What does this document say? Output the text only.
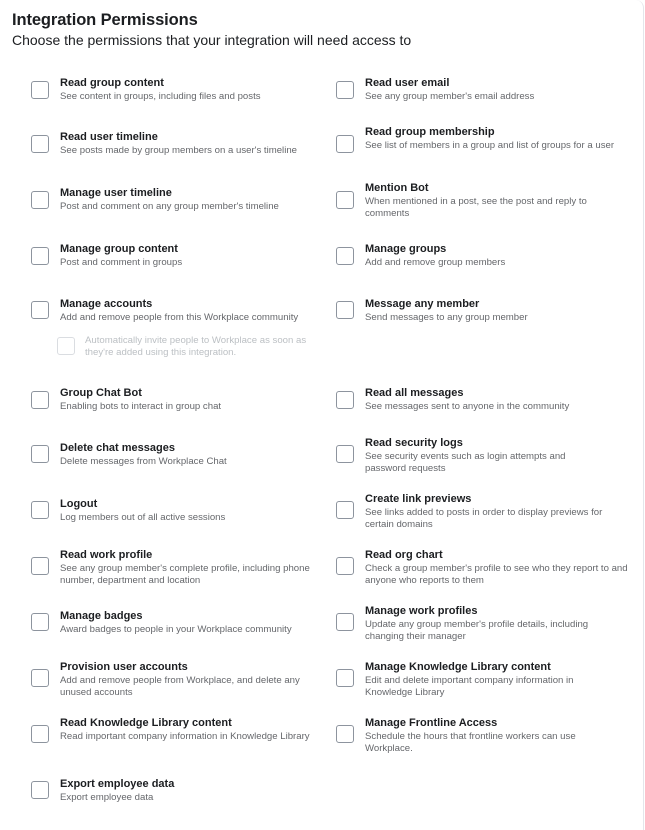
Integration Permissions
Choose the permissions that your integration will need access to
Read group content
See content in groups, including files and posts
Read user timeline
See posts made by group members on a user's timeline
Manage user timeline
Post and comment on any group member's timeline
Manage group content
Post and comment in groups
Manage accounts
Add and remove people from this Workplace community
Automatically invite people to Workplace as soon as they're added using this integration.
Group Chat Bot
Enabling bots to interact in group chat
Delete chat messages
Delete messages from Workplace Chat
Logout
Log members out of all active sessions
Read work profile
See any group member's complete profile, including phone number, department and location
Manage badges
Award badges to people in your Workplace community
Provision user accounts
Add and remove people from Workplace, and delete any unused accounts
Read Knowledge Library content
Read important company information in Knowledge Library
Export employee data
Export employee data
Read user email
See any group member's email address
Read group membership
See list of members in a group and list of groups for a user
Mention Bot
When mentioned in a post, see the post and reply to comments
Manage groups
Add and remove group members
Message any member
Send messages to any group member
Read all messages
See messages sent to anyone in the community
Read security logs
See security events such as login attempts and password requests
Create link previews
See links added to posts in order to display previews for certain domains
Read org chart
Check a group member's profile to see who they report to and anyone who reports to them
Manage work profiles
Update any group member's profile details, including changing their manager
Manage Knowledge Library content
Edit and delete important company information in Knowledge Library
Manage Frontline Access
Schedule the hours that frontline workers can use Workplace.
